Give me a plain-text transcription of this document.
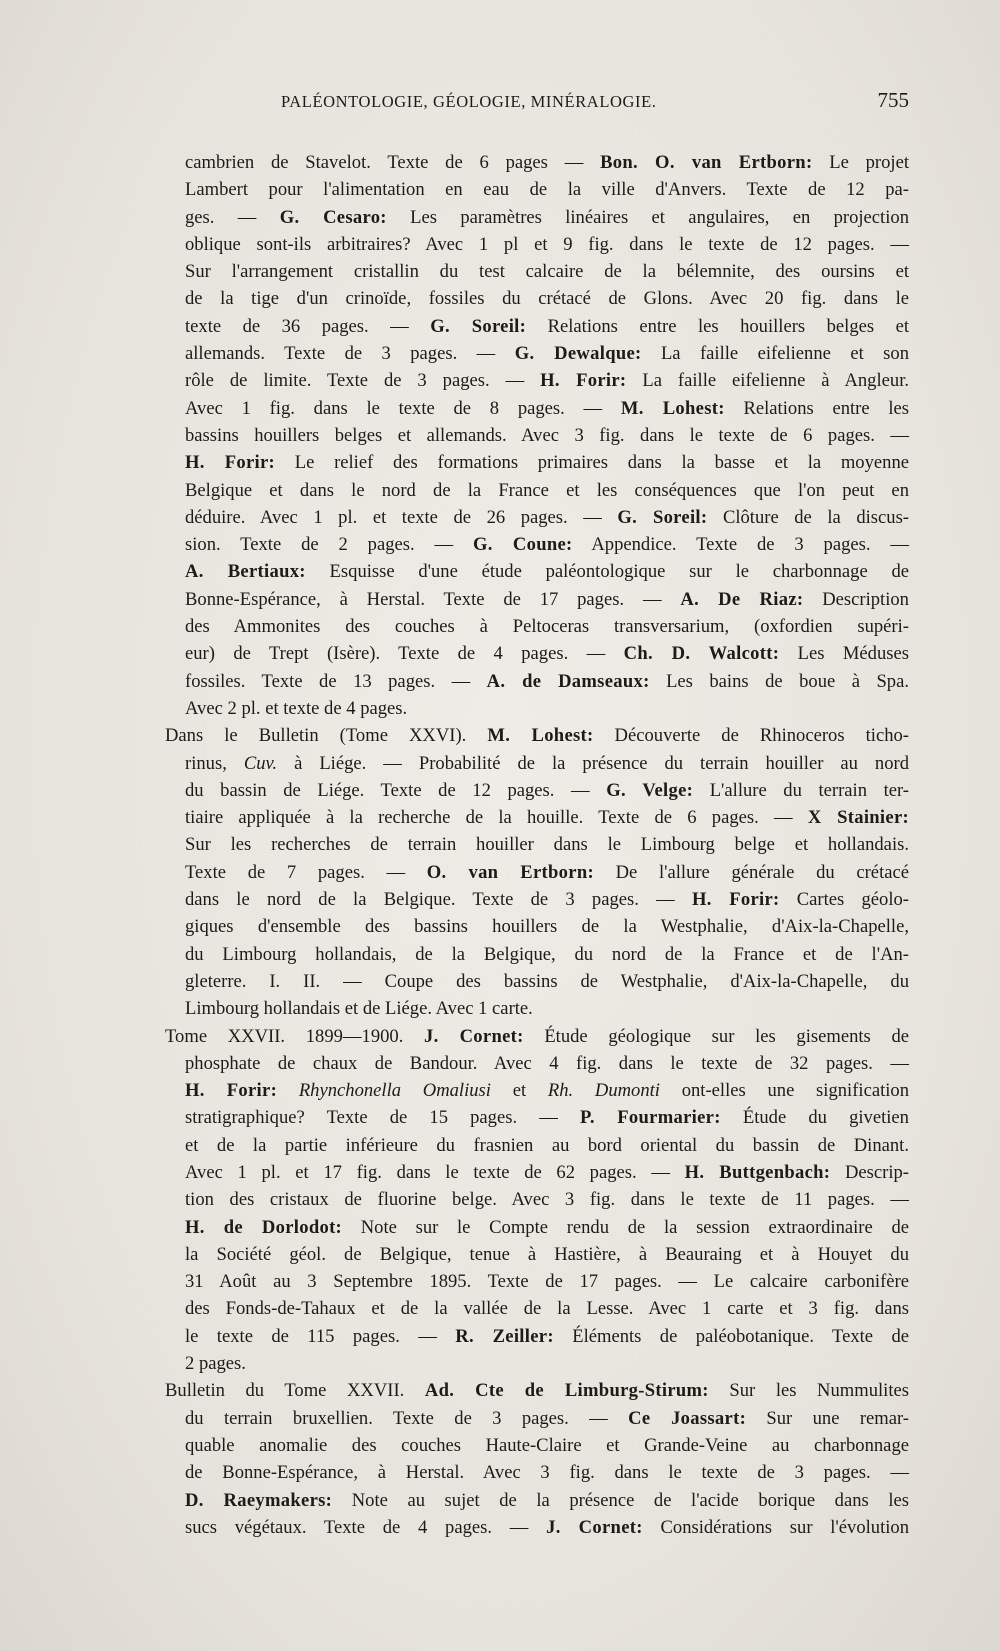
PALÉONTOLOGIE, GÉOLOGIE, MINÉRALOGIE.	755
cambrien de Stavelot. Texte de 6 pages — Bon. O. van Ertborn: Le projet
Lambert pour l'alimentation en eau de la ville d'Anvers. Texte de 12 pa-
ges. — G. Cesaro: Les paramètres linéaires et angulaires, en projection
oblique sont-ils arbitraires? Avec 1 pl et 9 fig. dans le texte de 12 pages. —
Sur l'arrangement cristallin du test calcaire de la bélemnite, des oursins et
de la tige d'un crinoïde, fossiles du crétacé de Glons. Avec 20 fig. dans le
texte de 36 pages. — G. Soreil: Relations entre les houillers belges et
allemands. Texte de 3 pages. — G. Dewalque: La faille eifelienne et son
rôle de limite. Texte de 3 pages. — H. Forir: La faille eifelienne à Angleur.
Avec 1 fig. dans le texte de 8 pages. — M. Lohest: Relations entre les
bassins houillers belges et allemands. Avec 3 fig. dans le texte de 6 pages. —
H. Forir: Le relief des formations primaires dans la basse et la moyenne
Belgique et dans le nord de la France et les conséquences que l'on peut en
déduire. Avec 1 pl. et texte de 26 pages. — G. Soreil: Clôture de la discus-
sion. Texte de 2 pages. — G. Coune: Appendice. Texte de 3 pages. —
A. Bertiaux: Esquisse d'une étude paléontologique sur le charbonnage de
Bonne-Espérance, à Herstal. Texte de 17 pages. — A. De Riaz: Description
des Ammonites des couches à Peltoceras transversarium, (oxfordien supéri-
eur) de Trept (Isère). Texte de 4 pages. — Ch. D. Walcott: Les Méduses
fossiles. Texte de 13 pages. — A. de Damseaux: Les bains de boue à Spa.
Avec 2 pl. et texte de 4 pages.
Dans le Bulletin (Tome XXVI). M. Lohest: Découverte de Rhinoceros ticho-
rinus, Cuv. à Liége. — Probabilité de la présence du terrain houiller au nord
du bassin de Liége. Texte de 12 pages. — G. Velge: L'allure du terrain ter-
tiaire appliquée à la recherche de la houille. Texte de 6 pages. — X Stainier:
Sur les recherches de terrain houiller dans le Limbourg belge et hollandais.
Texte de 7 pages. — O. van Ertborn: De l'allure générale du crétacé
dans le nord de la Belgique. Texte de 3 pages. — H. Forir: Cartes géolo-
giques d'ensemble des bassins houillers de la Westphalie, d'Aix-la-Chapelle,
du Limbourg hollandais, de la Belgique, du nord de la France et de l'An-
gleterre. I. II. — Coupe des bassins de Westphalie, d'Aix-la-Chapelle, du
Limbourg hollandais et de Liége. Avec 1 carte.
Tome XXVII. 1899—1900. J. Cornet: Étude géologique sur les gisements de
phosphate de chaux de Bandour. Avec 4 fig. dans le texte de 32 pages. —
H. Forir: Rhynchonella Omaliusi et Rh. Dumonti ont-elles une signification
stratigraphique? Texte de 15 pages. — P. Fourmarier: Étude du givetien
et de la partie inférieure du frasnien au bord oriental du bassin de Dinant.
Avec 1 pl. et 17 fig. dans le texte de 62 pages. — H. Buttgenbach: Descrip-
tion des cristaux de fluorine belge. Avec 3 fig. dans le texte de 11 pages. —
H. de Dorlodot: Note sur le Compte rendu de la session extraordinaire de
la Société géol. de Belgique, tenue à Hastière, à Beauraing et à Houyet du
31 Août au 3 Septembre 1895. Texte de 17 pages. — Le calcaire carbonifère
des Fonds-de-Tahaux et de la vallée de la Lesse. Avec 1 carte et 3 fig. dans
le texte de 115 pages. — R. Zeiller: Éléments de paléobotanique. Texte de
2 pages.
Bulletin du Tome XXVII. Ad. Cte de Limburg-Stirum: Sur les Nummulites
du terrain bruxellien. Texte de 3 pages. — Ce Joassart: Sur une remar-
quable anomalie des couches Haute-Claire et Grande-Veine au charbonnage
de Bonne-Espérance, à Herstal. Avec 3 fig. dans le texte de 3 pages. —
D. Raeymakers: Note au sujet de la présence de l'acide borique dans les
sucs végétaux. Texte de 4 pages. — J. Cornet: Considérations sur l'évolution
